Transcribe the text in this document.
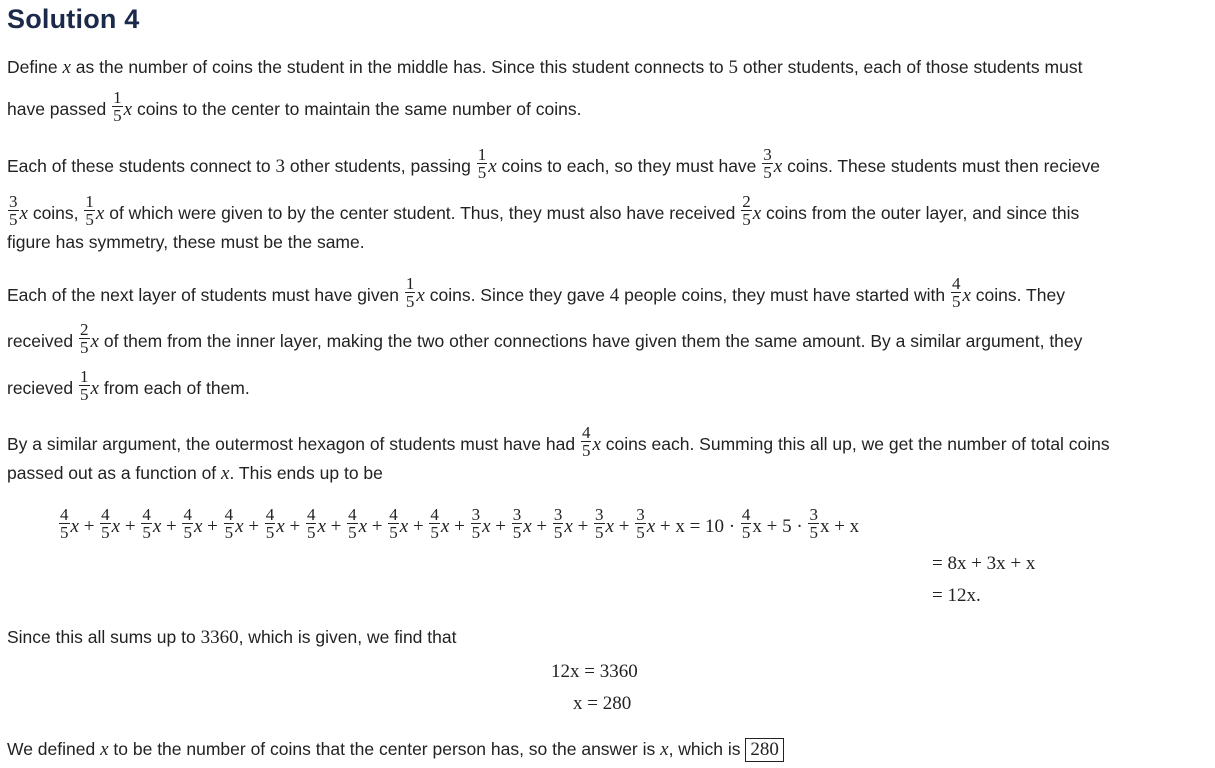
Solution 4
Define x as the number of coins the student in the middle has. Since this student connects to 5 other students, each of those students must
have passed $\frac{1}{5}$ x coins to the center to maintain the same number of coins.
Each of these students connect to 3 other students, passing $\frac{1}{5}$ x coins to each, so they must have $\frac{3}{5}$ x coins. These students must then recieve
$\frac{3}{5}$ x coins, $\frac{1}{5}$ x of which were given to by the center student. Thus, they must also have received $\frac{2}{5}$ x coins from the outer layer, and since this
figure has symmetry, these must be the same.
Each of the next layer of students must have given $\frac{1}{5}$ x coins. Since they gave 4 people coins, they must have started with $\frac{4}{5}$ x coins. They
received $\frac{2}{5}$ x of them from the inner layer, making the two other connections have given them the same amount. By a similar argument, they
recieved $\frac{1}{5}$ x from each of them.
By a similar argument, the outermost hexagon of students must have had $\frac{4}{5}$ x coins each. Summing this all up, we get the number of total coins
passed out as a function of x. This ends up to be
$\frac{4}{5}$ $x + \frac{4}{5}$ $x + \frac{4}{5}$ $x + \frac{4}{5}$ $x + \frac{4}{5}$ $x + \frac{4}{5}$ $x + \frac{4}{5}$ $x + \frac{4}{5}$ $x + \frac{4}{5}$ $x + \frac{4}{5}$ $x + \frac{3}{5}$ $x + \frac{3}{5}$ $x + \frac{3}{5}$ $x + \frac{3}{5}$ $x + \frac{3}{5}$ $x + x = 10 \cdot \frac{4}{5}$ $x + 5 \cdot \frac{3}{5}$ x + x
= 8x + 3x + x
= 12x.
Since this all sums up to 3360, which is given, we find that
12x = 3360
x = 280
We defined x to be the number of coins that the center person has, so the answer is x, which is 280
